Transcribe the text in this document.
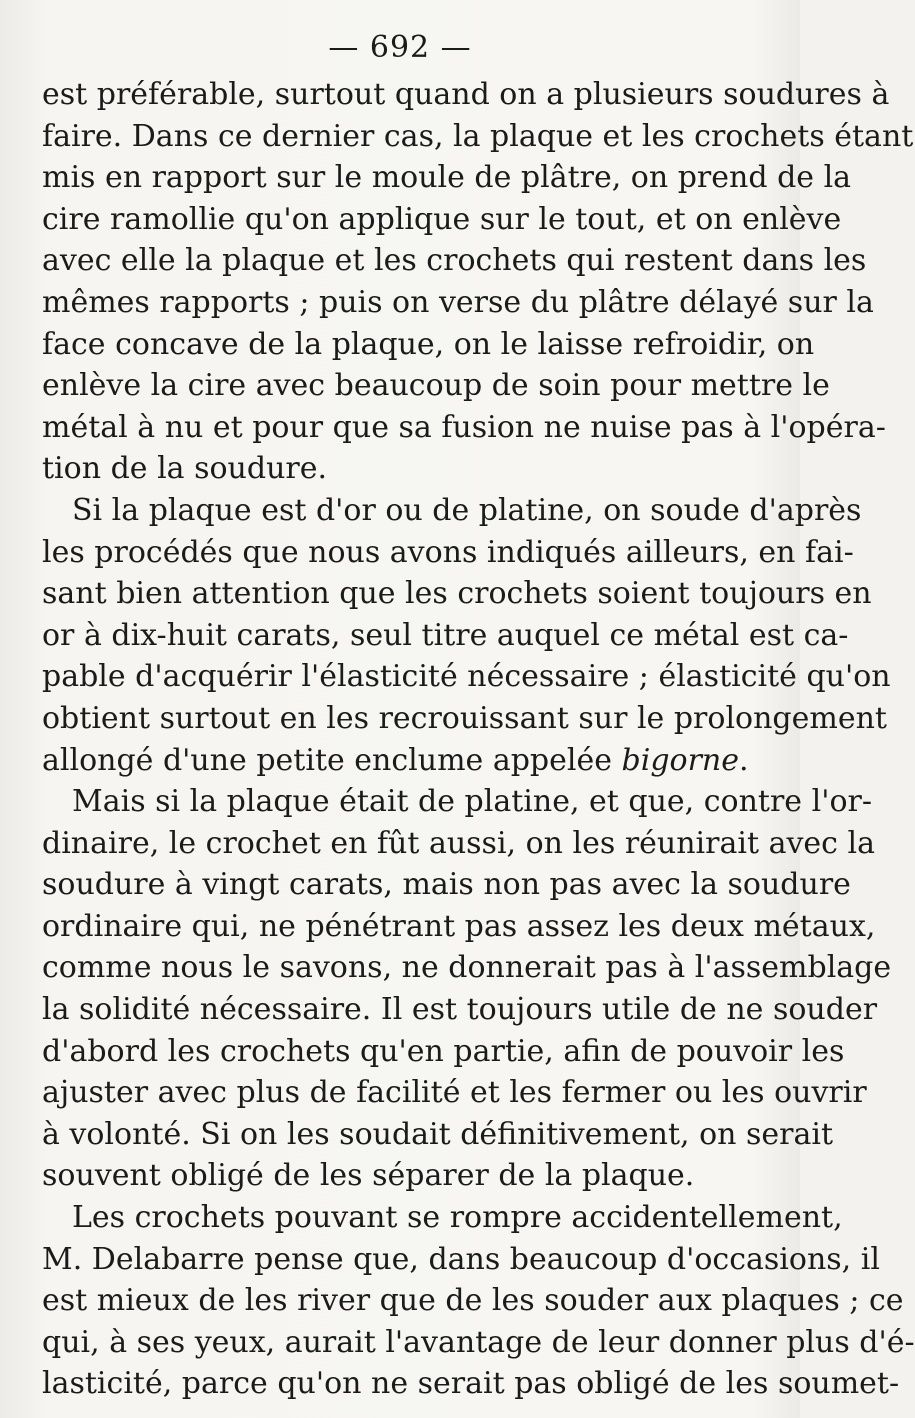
— 692 —
est préférable, surtout quand on a plusieurs soudures à
faire. Dans ce dernier cas, la plaque et les crochets étant
mis en rapport sur le moule de plâtre, on prend de la
cire ramollie qu'on applique sur le tout, et on enlève
avec elle la plaque et les crochets qui restent dans les
mêmes rapports ; puis on verse du plâtre délayé sur la
face concave de la plaque, on le laisse refroidir, on
enlève la cire avec beaucoup de soin pour mettre le
métal à nu et pour que sa fusion ne nuise pas à l'opéra-
tion de la soudure.
Si la plaque est d'or ou de platine, on soude d'après
les procédés que nous avons indiqués ailleurs, en fai-
sant bien attention que les crochets soient toujours en
or à dix-huit carats, seul titre auquel ce métal est ca-
pable d'acquérir l'élasticité nécessaire ; élasticité qu'on
obtient surtout en les recrouissant sur le prolongement
allongé d'une petite enclume appelée bigorne.
Mais si la plaque était de platine, et que, contre l'or-
dinaire, le crochet en fût aussi, on les réunirait avec la
soudure à vingt carats, mais non pas avec la soudure
ordinaire qui, ne pénétrant pas assez les deux métaux,
comme nous le savons, ne donnerait pas à l'assemblage
la solidité nécessaire. Il est toujours utile de ne souder
d'abord les crochets qu'en partie, afin de pouvoir les
ajuster avec plus de facilité et les fermer ou les ouvrir
à volonté. Si on les soudait définitivement, on serait
souvent obligé de les séparer de la plaque.
Les crochets pouvant se rompre accidentellement,
M. Delabarre pense que, dans beaucoup d'occasions, il
est mieux de les river que de les souder aux plaques ; ce
qui, à ses yeux, aurait l'avantage de leur donner plus d'é-
lasticité, parce qu'on ne serait pas obligé de les soumet-
